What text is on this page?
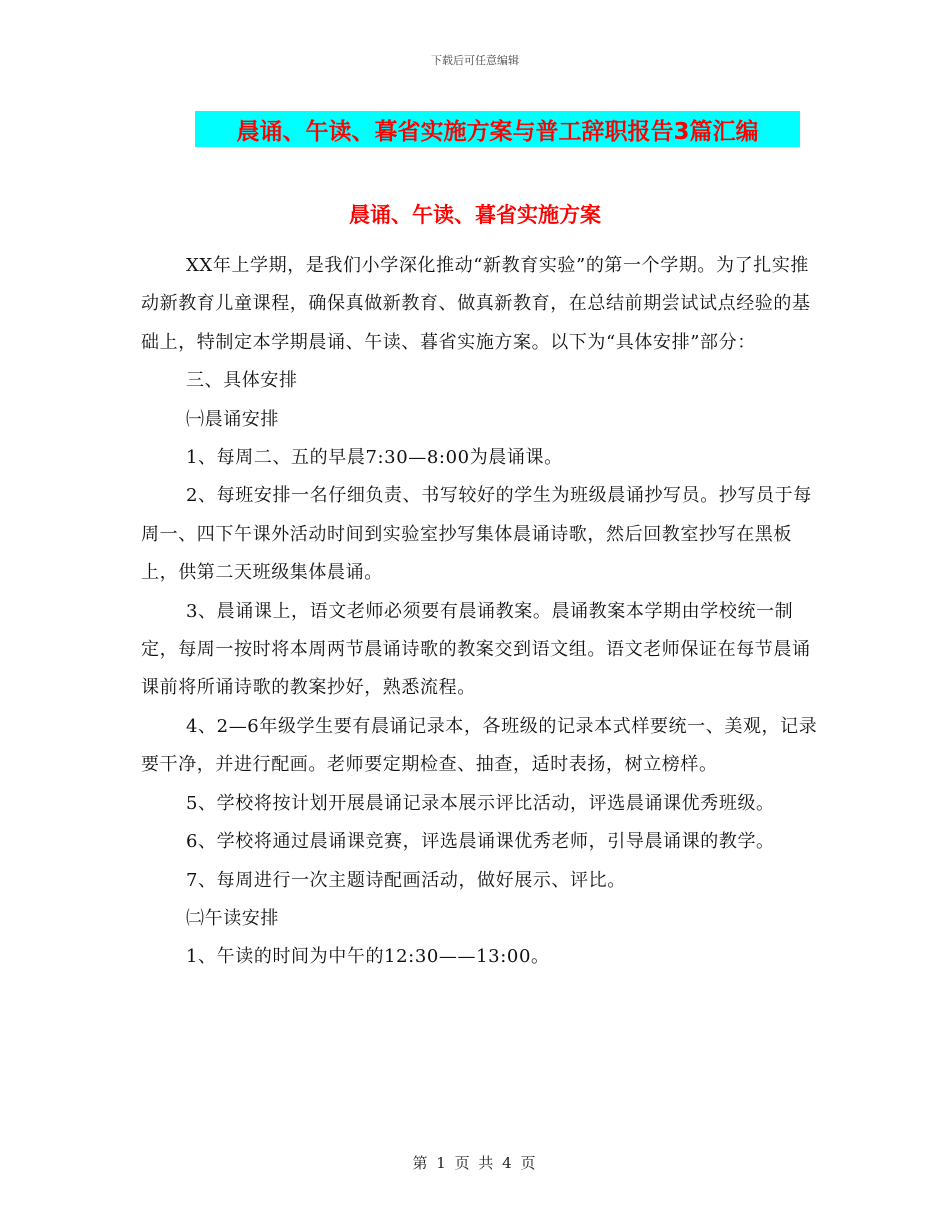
下载后可任意编辑
晨诵、午读、暮省实施方案与普工辞职报告3篇汇编
晨诵、午读、暮省实施方案

XX年上学期，是我们小学深化推动“新教育实验”的第一个学期。为了扎实推动新教育儿童课程，确保真做新教育、做真新教育，在总结前期尝试试点经验的基础上，特制定本学期晨诵、午读、暮省实施方案。以下为“具体安排”部分：

三、具体安排

㈠晨诵安排

1、每周二、五的早晨7:30—8:00为晨诵课。

2、每班安排一名仔细负责、书写较好的学生为班级晨诵抄写员。抄写员于每周一、四下午课外活动时间到实验室抄写集体晨诵诗歌，然后回教室抄写在黑板上，供第二天班级集体晨诵。

3、晨诵课上，语文老师必须要有晨诵教案。晨诵教案本学期由学校统一制定，每周一按时将本周两节晨诵诗歌的教案交到语文组。语文老师保证在每节晨诵课前将所诵诗歌的教案抄好，熟悉流程。

4、2—6年级学生要有晨诵记录本，各班级的记录本式样要统一、美观，记录要干净，并进行配画。老师要定期检查、抽查，适时表扬，树立榜样。

5、学校将按计划开展晨诵记录本展示评比活动，评选晨诵课优秀班级。

6、学校将通过晨诵课竞赛，评选晨诵课优秀老师，引导晨诵课的教学。

7、每周进行一次主题诗配画活动，做好展示、评比。

㈡午读安排

1、午读的时间为中午的12:30——13:00。

第 1 页 共 4 页
